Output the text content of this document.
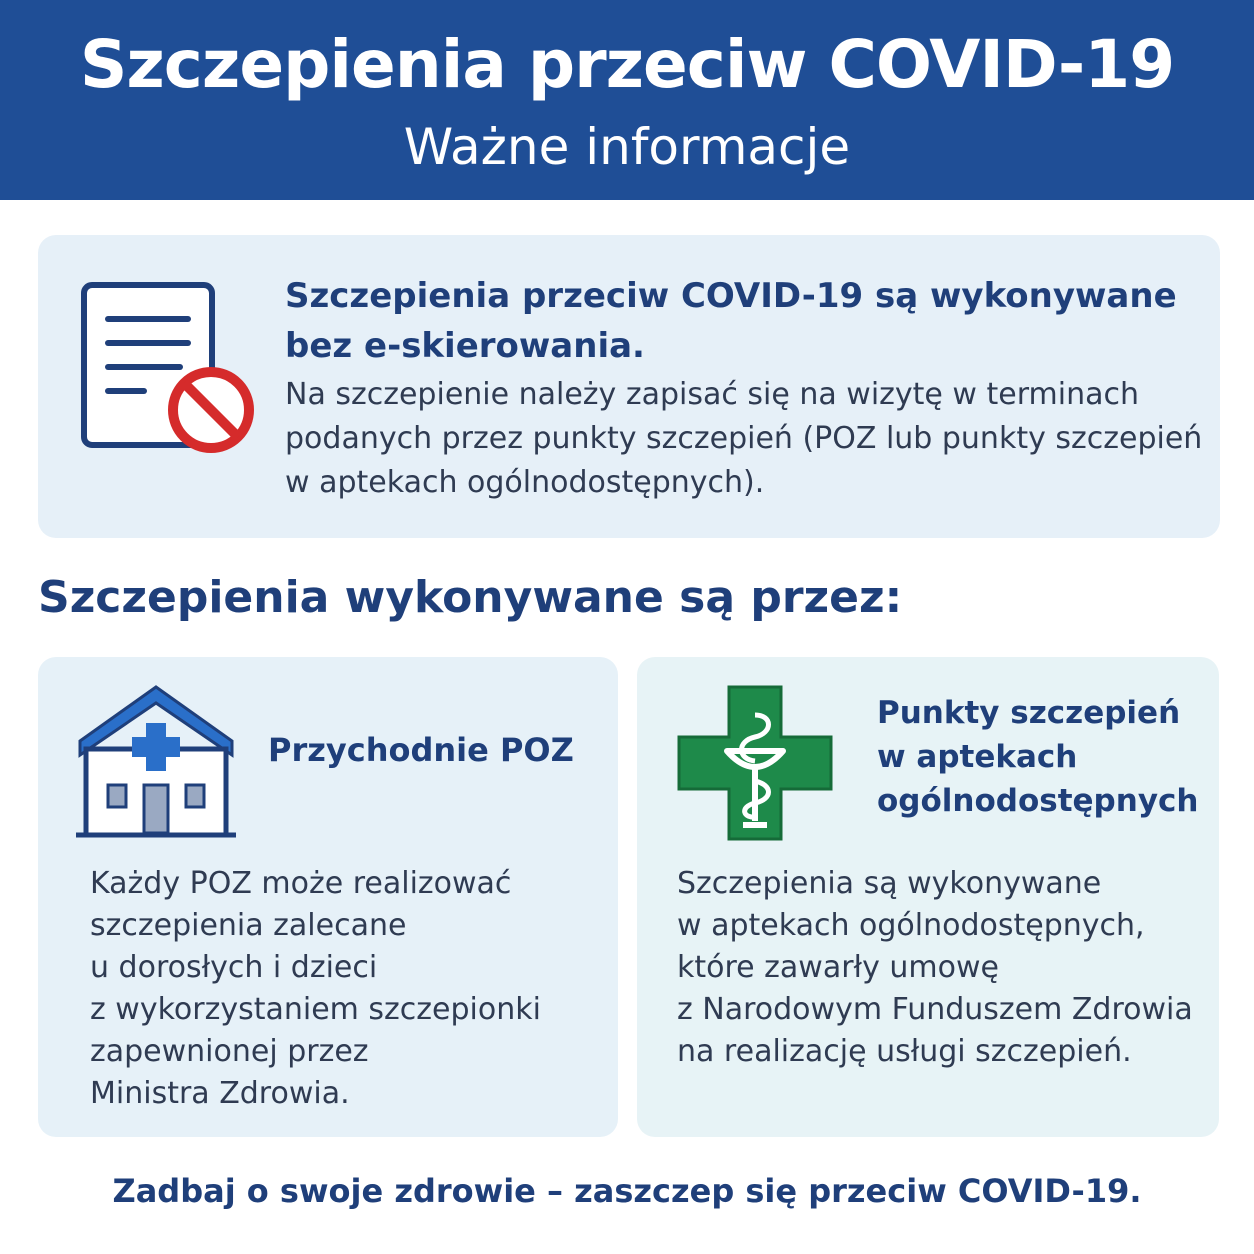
Szczepienia przeciw COVID-19
Ważne informacje
Szczepienia przeciw COVID-19 są wykonywane bez e-skierowania.
Na szczepienie należy zapisać się na wizytę w terminach podanych przez punkty szczepień (POZ lub punkty szczepień w aptekach ogólnodostępnych).
Szczepienia wykonywane są przez:
Przychodnie POZ
Każdy POZ może realizować
szczepienia zalecane
u dorosłych i dzieci
z wykorzystaniem szczepionki
zapewnionej przez
Ministra Zdrowia.
Punkty szczepień
w aptekach
ogólnodostępnych
Szczepienia są wykonywane
w aptekach ogólnodostępnych,
które zawarły umowę
z Narodowym Funduszem Zdrowia
na realizację usługi szczepień.
Zadbaj o swoje zdrowie – zaszczep się przeciw COVID-19.
